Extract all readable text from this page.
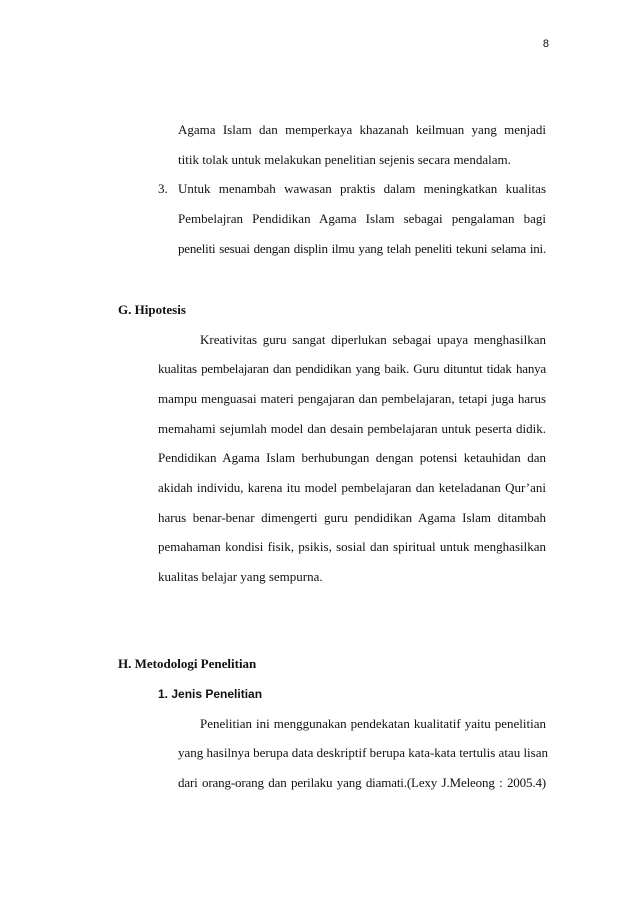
8
Agama Islam dan memperkaya khazanah keilmuan yang menjadi
titik tolak untuk melakukan penelitian sejenis secara mendalam.
3. Untuk menambah wawasan praktis dalam meningkatkan kualitas
Pembelajran Pendidikan Agama Islam sebagai pengalaman bagi
peneliti sesuai dengan displin ilmu yang telah peneliti tekuni selama ini.
G. Hipotesis
Kreativitas guru sangat diperlukan sebagai upaya menghasilkan
kualitas pembelajaran dan pendidikan yang baik. Guru dituntut tidak hanya
mampu menguasai materi pengajaran dan pembelajaran, tetapi juga harus
memahami sejumlah model dan desain pembelajaran untuk peserta didik.
Pendidikan Agama Islam berhubungan dengan potensi ketauhidan dan
akidah individu, karena itu model pembelajaran dan keteladanan Qur’ani
harus benar-benar dimengerti guru pendidikan Agama Islam ditambah
pemahaman kondisi fisik, psikis, sosial dan spiritual untuk menghasilkan
kualitas belajar yang sempurna.
H. Metodologi Penelitian
1. Jenis Penelitian
Penelitian ini menggunakan pendekatan kualitatif yaitu penelitian
yang hasilnya berupa data deskriptif berupa kata-kata tertulis atau lisan
dari orang-orang dan perilaku yang diamati.(Lexy J.Meleong : 2005.4)
